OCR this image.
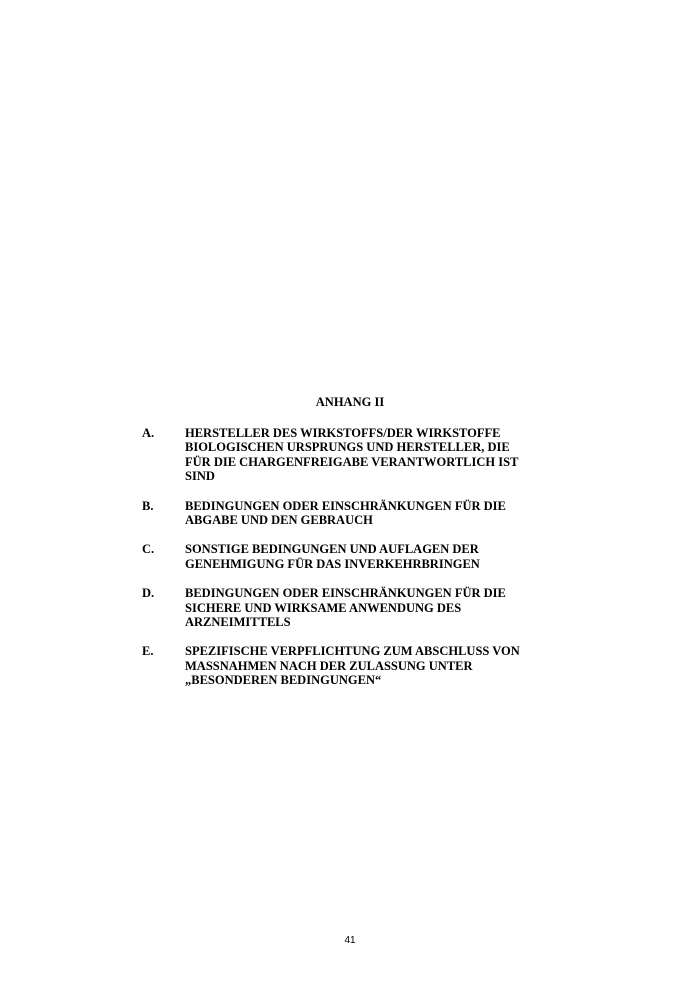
ANHANG II
A.	HERSTELLER DES WIRKSTOFFS/DER WIRKSTOFFE
BIOLOGISCHEN URSPRUNGS UND HERSTELLER, DIE
FÜR DIE CHARGENFREIGABE VERANTWORTLICH IST
SIND
B.	BEDINGUNGEN ODER EINSCHRÄNKUNGEN FÜR DIE
ABGABE UND DEN GEBRAUCH
C.	SONSTIGE BEDINGUNGEN UND AUFLAGEN DER
GENEHMIGUNG FÜR DAS INVERKEHRBRINGEN
D.	BEDINGUNGEN ODER EINSCHRÄNKUNGEN FÜR DIE
SICHERE UND WIRKSAME ANWENDUNG DES
ARZNEIMITTELS
E.	SPEZIFISCHE VERPFLICHTUNG ZUM ABSCHLUSS VON
MASSNAHMEN NACH DER ZULASSUNG UNTER
„BESONDEREN BEDINGUNGEN“
41
